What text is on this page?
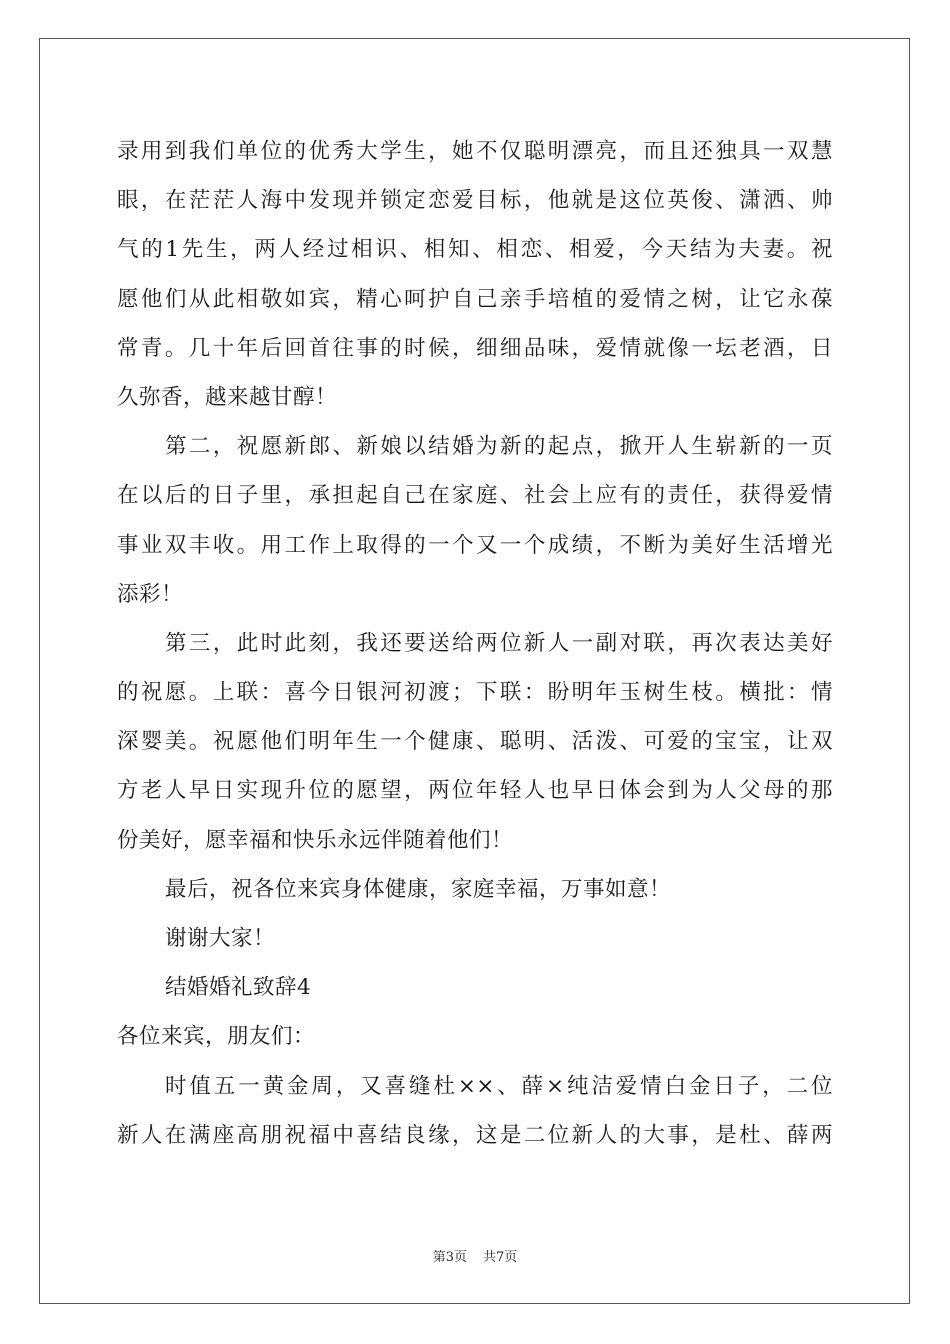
录用到我们单位的优秀大学生，她不仅聪明漂亮，而且还独具一双慧
眼，在茫茫人海中发现并锁定恋爱目标，他就是这位英俊、潇洒、帅
气的1先生，两人经过相识、相知、相恋、相爱，今天结为夫妻。祝
愿他们从此相敬如宾，精心呵护自己亲手培植的爱情之树，让它永葆
常青。几十年后回首往事的时候，细细品味，爱情就像一坛老酒，日
久弥香，越来越甘醇！
第二，祝愿新郎、新娘以结婚为新的起点，掀开人生崭新的一页
在以后的日子里，承担起自己在家庭、社会上应有的责任，获得爱情
事业双丰收。用工作上取得的一个又一个成绩，不断为美好生活增光
添彩！
第三，此时此刻，我还要送给两位新人一副对联，再次表达美好
的祝愿。上联：喜今日银河初渡；下联：盼明年玉树生枝。横批：情
深婴美。祝愿他们明年生一个健康、聪明、活泼、可爱的宝宝，让双
方老人早日实现升位的愿望，两位年轻人也早日体会到为人父母的那
份美好，愿幸福和快乐永远伴随着他们！
最后，祝各位来宾身体健康，家庭幸福，万事如意！
谢谢大家！
结婚婚礼致辞4
各位来宾，朋友们：
时值五一黄金周，又喜缝杜××、薛×纯洁爱情白金日子，二位
新人在满座高朋祝福中喜结良缘，这是二位新人的大事，是杜、薛两
第3页 共7页
